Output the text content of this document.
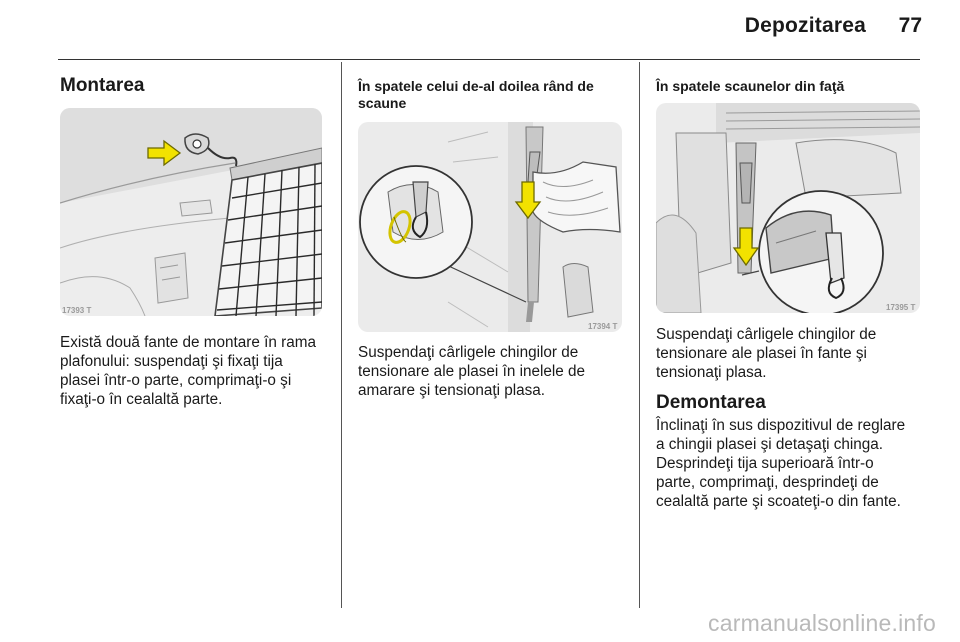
Depozitarea	77
Montarea
17393 T

Există două fante de montare în rama
plafonului: suspendaţi şi fixaţi tija
plasei într-o parte, comprimaţi-o şi
fixaţi-o în cealaltă parte.

În spatele celui de-al doilea rând de
scaune
17394 T

Suspendaţi cârligele chingilor de
tensionare ale plasei în inelele de
amarare şi tensionaţi plasa.

În spatele scaunelor din faţă
17395 T

Suspendaţi cârligele chingilor de
tensionare ale plasei în fante şi
tensionaţi plasa.

Demontarea

Înclinaţi în sus dispozitivul de reglare
a chingii plasei şi detaşaţi chinga.
Desprindeţi tija superioară într-o
parte, comprimaţi, desprindeţi de
cealaltă parte şi scoateţi-o din fante.

carmanualsonline.info
